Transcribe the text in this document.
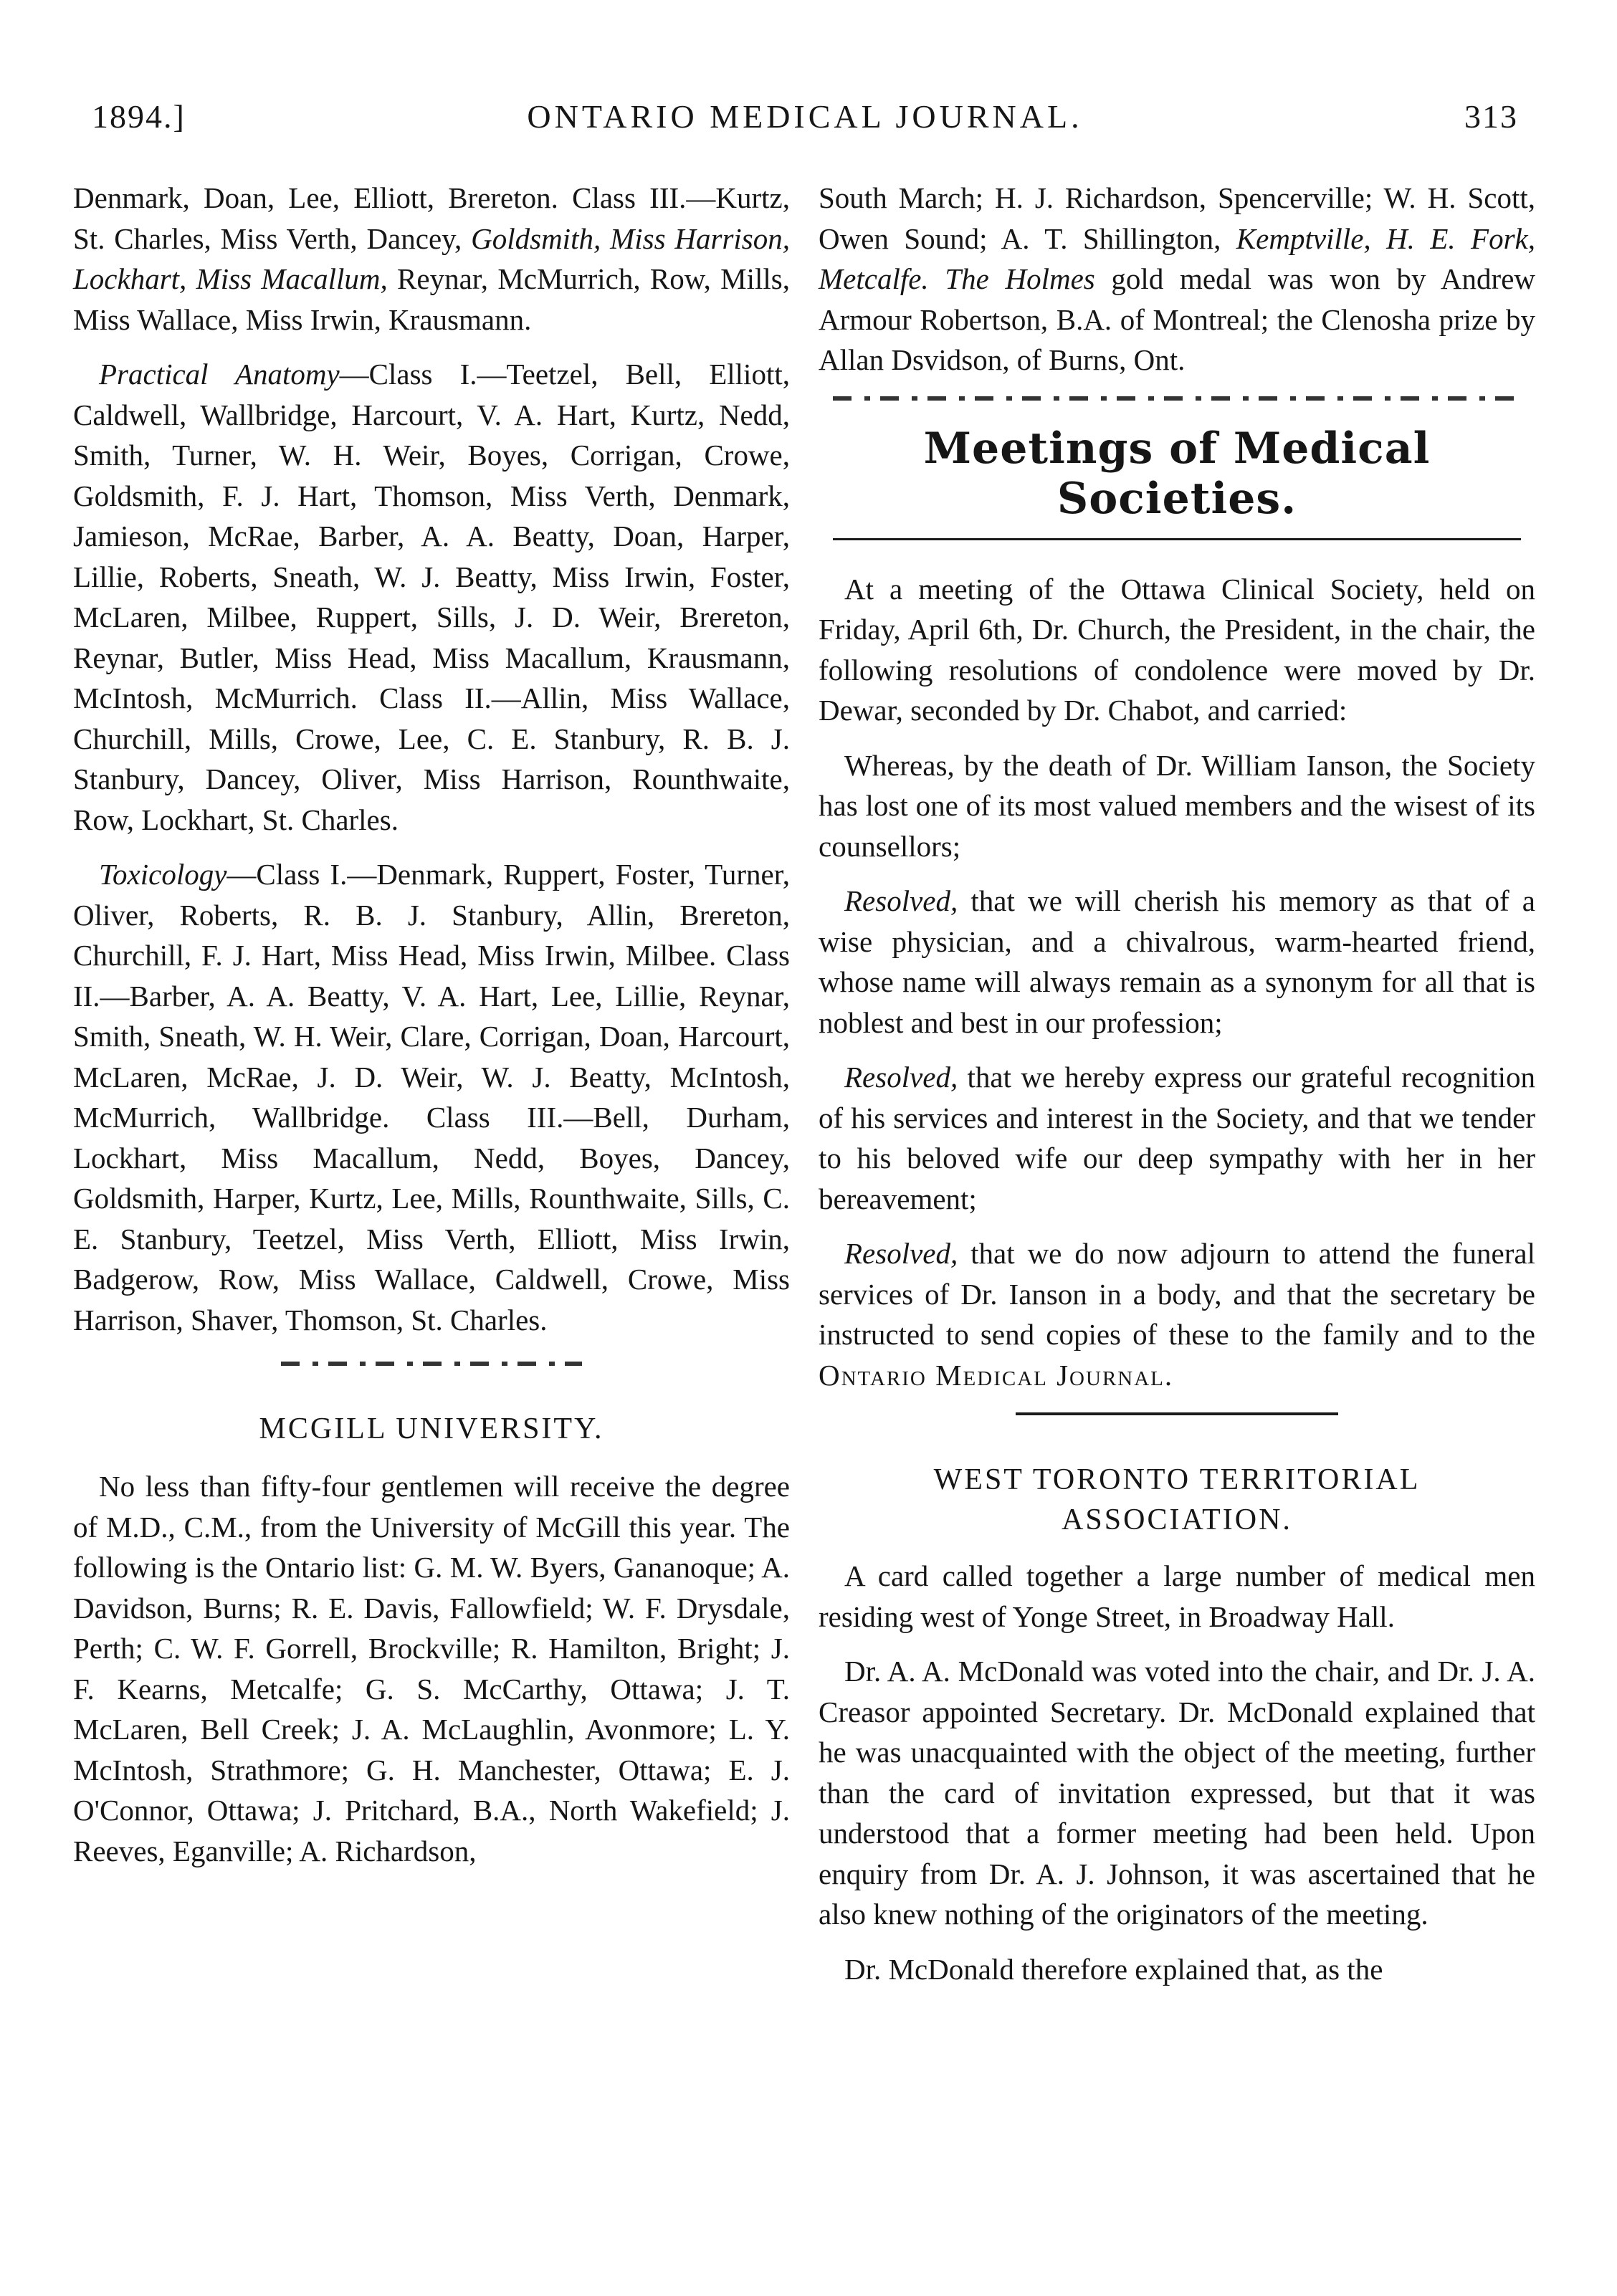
1894.]	ONTARIO MEDICAL JOURNAL.	313

Denmark, Doan, Lee, Elliott, Brereton. Class III.—Kurtz, St. Charles, Miss Verth, Dancey, Goldsmith, Miss Harrison, Lockhart, Miss Macallum, Reynar, McMurrich, Row, Mills, Miss Wallace, Miss Irwin, Krausmann.

Practical Anatomy—Class I.—Teetzel, Bell, Elliott, Caldwell, Wallbridge, Harcourt, V. A. Hart, Kurtz, Nedd, Smith, Turner, W. H. Weir, Boyes, Corrigan, Crowe, Goldsmith, F. J. Hart, Thomson, Miss Verth, Denmark, Jamieson, McRae, Barber, A. A. Beatty, Doan, Harper, Lillie, Roberts, Sneath, W. J. Beatty, Miss Irwin, Foster, McLaren, Milbee, Ruppert, Sills, J. D. Weir, Brereton, Reynar, Butler, Miss Head, Miss Macallum, Krausmann, McIntosh, McMurrich. Class II.—Allin, Miss Wallace, Churchill, Mills, Crowe, Lee, C. E. Stanbury, R. B. J. Stanbury, Dancey, Oliver, Miss Harrison, Rounthwaite, Row, Lockhart, St. Charles.

Toxicology—Class I.—Denmark, Ruppert, Foster, Turner, Oliver, Roberts, R. B. J. Stanbury, Allin, Brereton, Churchill, F. J. Hart, Miss Head, Miss Irwin, Milbee. Class II.—Barber, A. A. Beatty, V. A. Hart, Lee, Lillie, Reynar, Smith, Sneath, W. H. Weir, Clare, Corrigan, Doan, Harcourt, McLaren, McRae, J. D. Weir, W. J. Beatty, McIntosh, McMurrich, Wallbridge. Class III.—Bell, Durham, Lockhart, Miss Macallum, Nedd, Boyes, Dancey, Goldsmith, Harper, Kurtz, Lee, Mills, Rounthwaite, Sills, C. E. Stanbury, Teetzel, Miss Verth, Elliott, Miss Irwin, Badgerow, Row, Miss Wallace, Caldwell, Crowe, Miss Harrison, Shaver, Thomson, St. Charles.

MCGILL UNIVERSITY.

No less than fifty-four gentlemen will receive the degree of M.D., C.M., from the University of McGill this year. The following is the Ontario list: G. M. W. Byers, Gananoque; A. Davidson, Burns; R. E. Davis, Fallowfield; W. F. Drysdale, Perth; C. W. F. Gorrell, Brockville; R. Hamilton, Bright; J. F. Kearns, Metcalfe; G. S. McCarthy, Ottawa; J. T. McLaren, Bell Creek; J. A. McLaughlin, Avonmore; L. Y. McIntosh, Strathmore; G. H. Manchester, Ottawa; E. J. O'Connor, Ottawa; J. Pritchard, B.A., North Wakefield; J. Reeves, Eganville; A. Richardson,

South March; H. J. Richardson, Spencerville; W. H. Scott, Owen Sound; A. T. Shillington, Kemptville, H. E. Fork, Metcalfe. The Holmes gold medal was won by Andrew Armour Robertson, B.A. of Montreal; the Clenosha prize by Allan Dsvidson, of Burns, Ont.

Meetings of Medical Societies.

At a meeting of the Ottawa Clinical Society, held on Friday, April 6th, Dr. Church, the President, in the chair, the following resolutions of condolence were moved by Dr. Dewar, seconded by Dr. Chabot, and carried:

Whereas, by the death of Dr. William Ianson, the Society has lost one of its most valued members and the wisest of its counsellors;

Resolved, that we will cherish his memory as that of a wise physician, and a chivalrous, warm-hearted friend, whose name will always remain as a synonym for all that is noblest and best in our profession;

Resolved, that we hereby express our grateful recognition of his services and interest in the Society, and that we tender to his beloved wife our deep sympathy with her in her bereavement;

Resolved, that we do now adjourn to attend the funeral services of Dr. Ianson in a body, and that the secretary be instructed to send copies of these to the family and to the Ontario Medical Journal.

WEST TORONTO TERRITORIAL ASSOCIATION.

A card called together a large number of medical men residing west of Yonge Street, in Broadway Hall.

Dr. A. A. McDonald was voted into the chair, and Dr. J. A. Creasor appointed Secretary. Dr. McDonald explained that he was unacquainted with the object of the meeting, further than the card of invitation expressed, but that it was understood that a former meeting had been held. Upon enquiry from Dr. A. J. Johnson, it was ascertained that he also knew nothing of the originators of the meeting.

Dr. McDonald therefore explained that, as the
